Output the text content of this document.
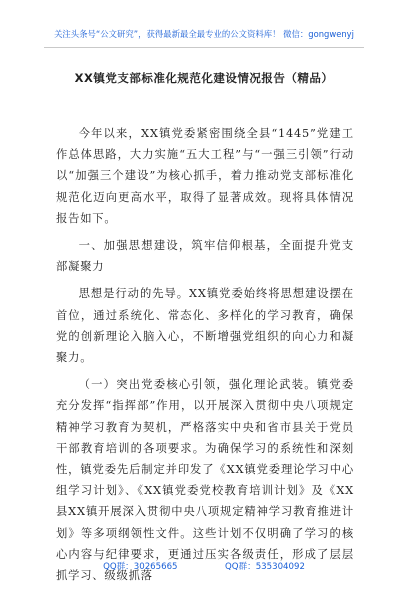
关注头条号“公文研究”，获得最新最全最专业的公文资料库！ 微信：gongwenyj
XX镇党支部标准化规范化建设情况报告（精品）

今年以来，XX镇党委紧密围绕全县“1445”党建工作总体思路，大力实施“五大工程”与“一强三引领”行动以“加强三个建设”为核心抓手，着力推动党支部标准化规范化迈向更高水平，取得了显著成效。现将具体情况报告如下。

一、加强思想建设，筑牢信仰根基，全面提升党支部凝聚力

思想是行动的先导。XX镇党委始终将思想建设摆在首位，通过系统化、常态化、多样化的学习教育，确保党的创新理论入脑入心，不断增强党组织的向心力和凝聚力。

（一）突出党委核心引领，强化理论武装。镇党委充分发挥“指挥部”作用，以开展深入贯彻中央八项规定精神学习教育为契机，严格落实中央和省市县关于党员干部教育培训的各项要求。为确保学习的系统性和深刻性，镇党委先后制定并印发了《XX镇党委理论学习中心组学习计划》、《XX镇党委党校教育培训计划》及《XX县XX镇开展深入贯彻中央八项规定精神学习教育推进计划》等多项纲领性文件。这些计划不仅明确了学习的核心内容与纪律要求，更通过压实各级责任，形成了层层抓学习、级级抓落

QQ群：30265665	QQ群：535304092
